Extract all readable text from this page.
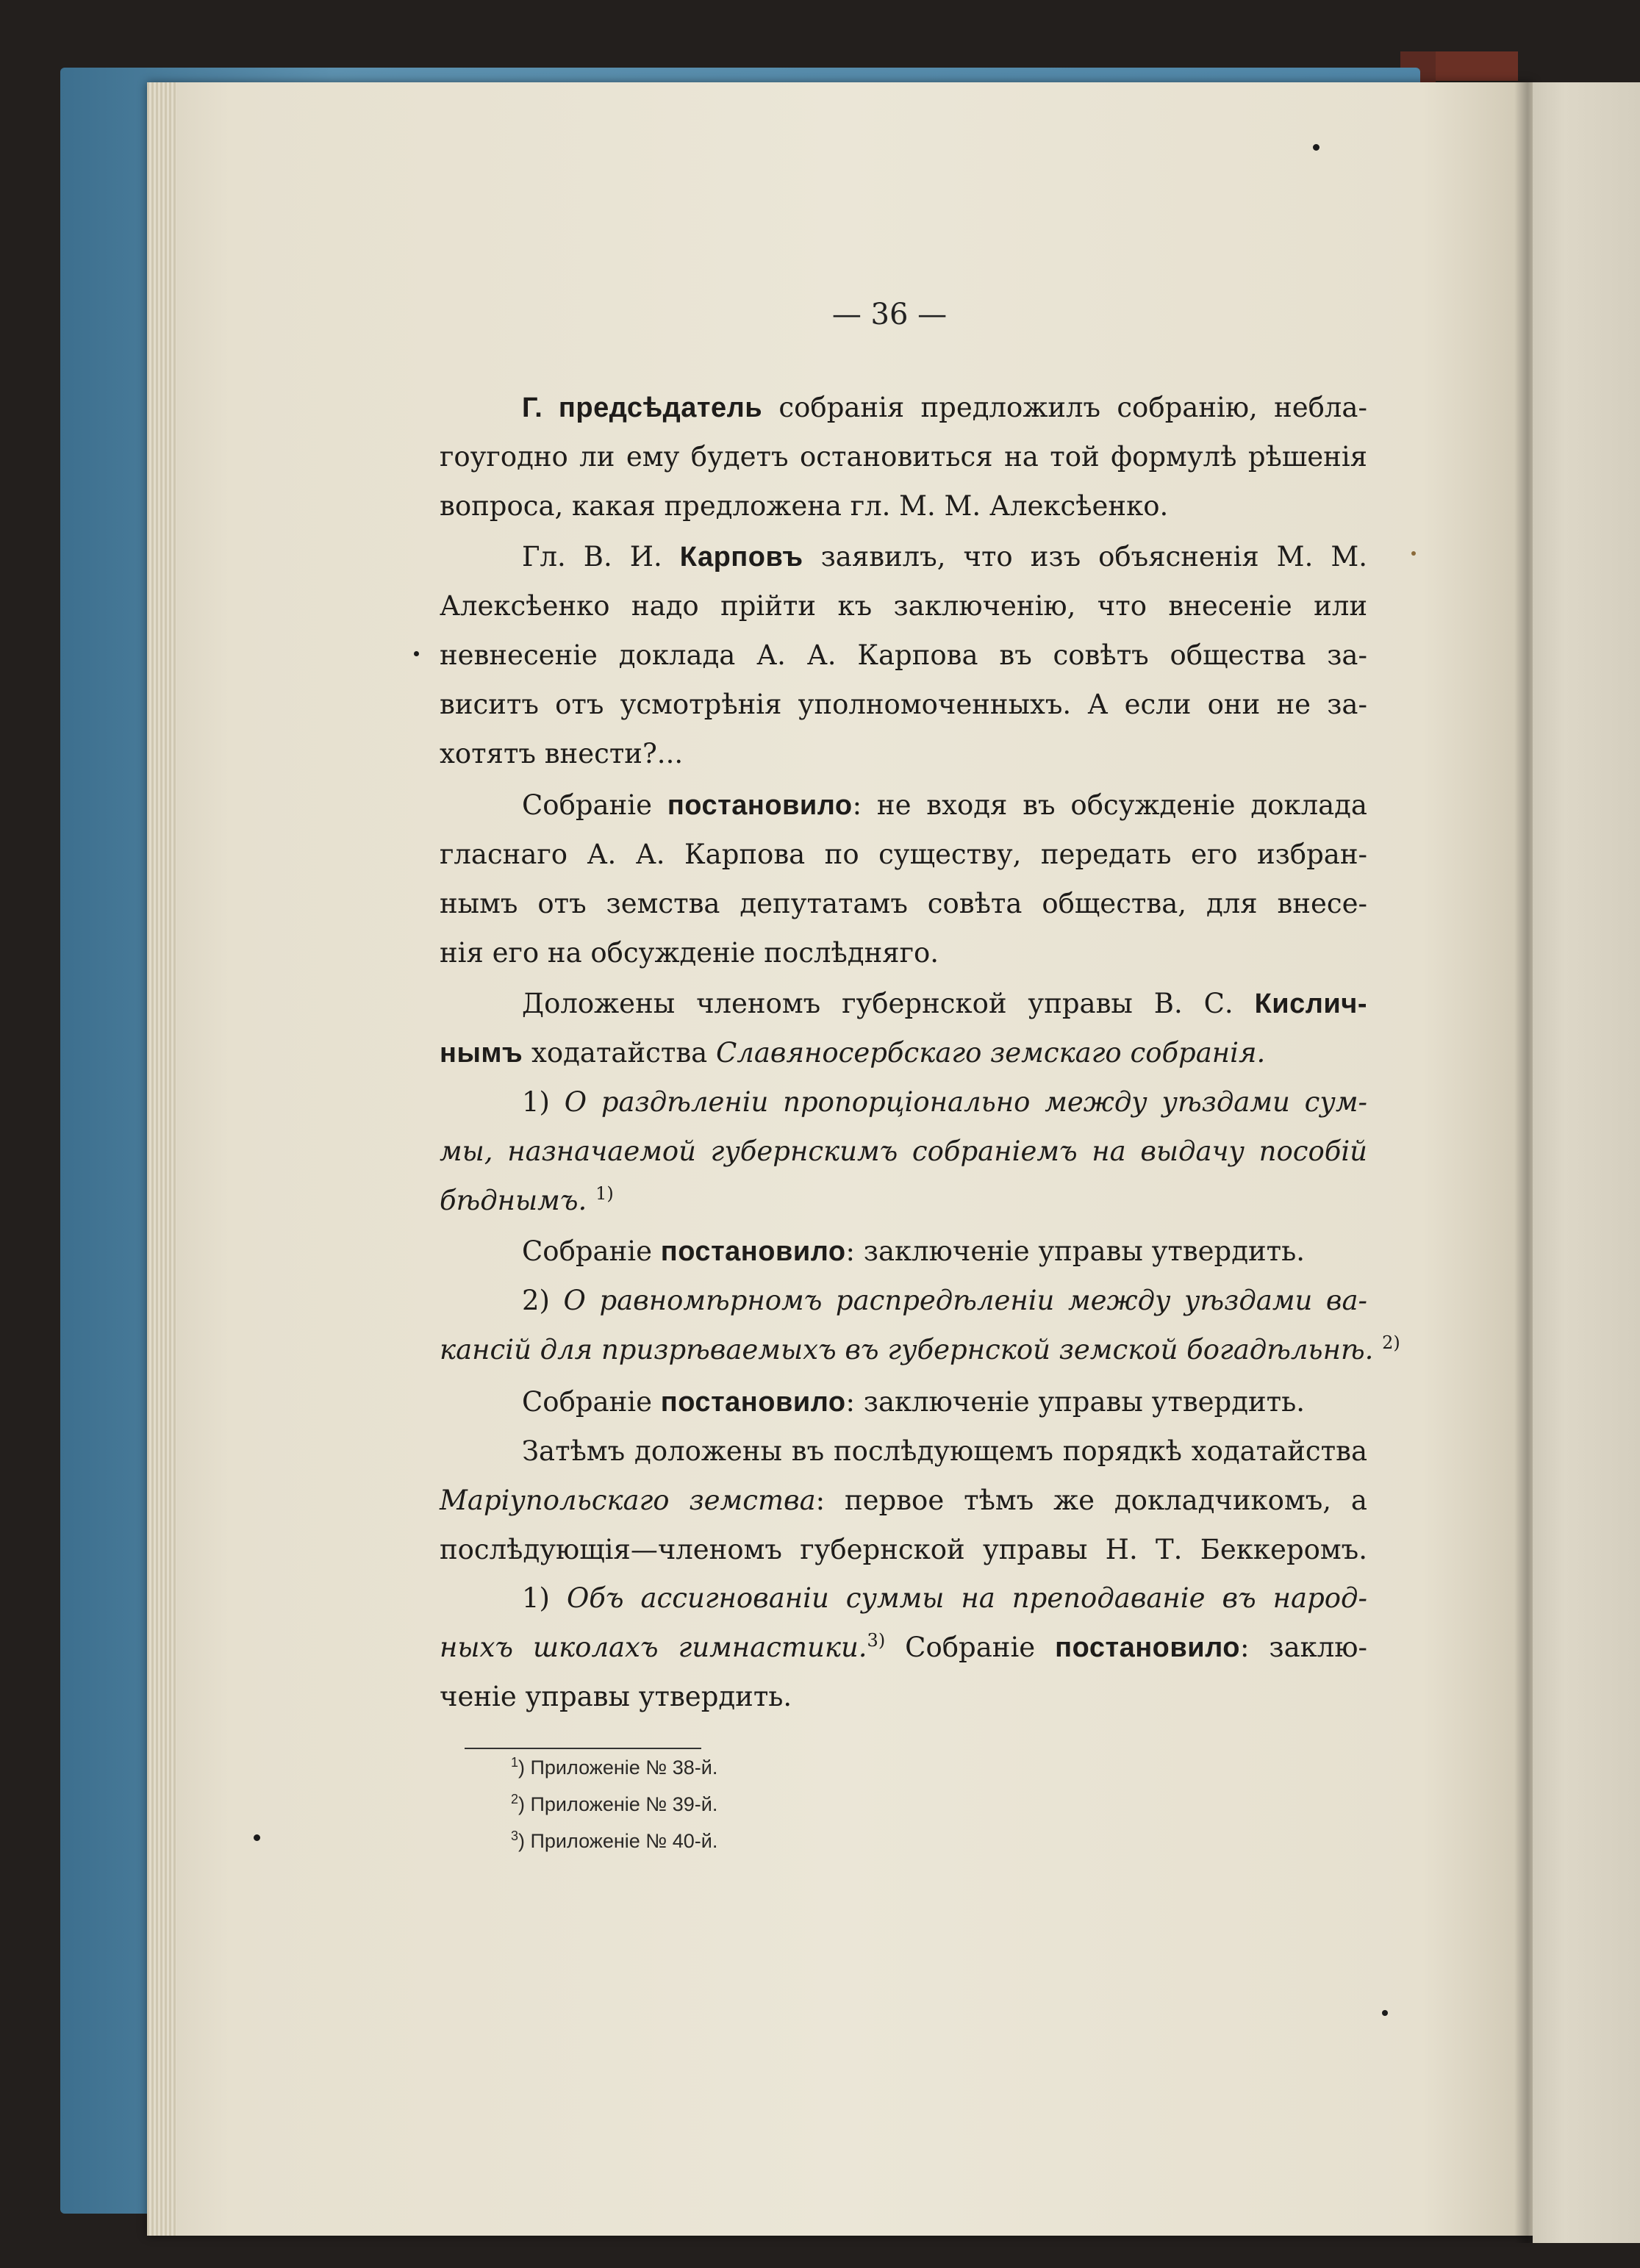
— 36 —
Г. предсѣдатель собранія предложилъ собранію, небла-
гоугодно ли ему будетъ остановиться на той формулѣ рѣшенія
вопроса, какая предложена гл. М. М. Алексѣенко.
Гл. В. И. Карповъ заявилъ, что изъ объясненія М. М.
Алексѣенко надо прійти къ заключенію, что внесеніе или
невнесеніе доклада А. А. Карпова въ совѣтъ общества за-
виситъ отъ усмотрѣнія уполномоченныхъ. А если они не за-
хотятъ внести?...
Собраніе постановило: не входя въ обсужденіе доклада
гласнаго А. А. Карпова по существу, передать его избран-
нымъ отъ земства депутатамъ совѣта общества, для внесе-
нія его на обсужденіе послѣдняго.
Доложены членомъ губернской управы В. С. Кислич-
нымъ ходатайства Славяносербскаго земскаго собранія.
1) О раздѣленіи пропорціонально между уѣздами сум-
мы, назначаемой губернскимъ собраніемъ на выдачу пособій
бѣднымъ. $^{1)}$
Собраніе постановило: заключеніе управы утвердить.
2) О равномѣрномъ распредѣленіи между уѣздами ва-
кансій для призрѣваемыхъ въ губернской земской богадѣльнѣ. $^{2)}$
Собраніе постановило: заключеніе управы утвердить.
Затѣмъ доложены въ послѣдующемъ порядкѣ ходатайства
Маріупольскаго земства: первое тѣмъ же докладчикомъ, а
послѣдующія—членомъ губернской управы Н. Т. Беккеромъ.
1) Объ ассигнованіи суммы на преподаваніе въ народ-
ныхъ школахъ гимнастики.$^{3)}$ Собраніе постановило: заклю-
ченіе управы утвердить.
$^1$) Приложеніе № 38-й.
$^2$) Приложеніе № 39-й.
$^3$) Приложеніе № 40-й.
